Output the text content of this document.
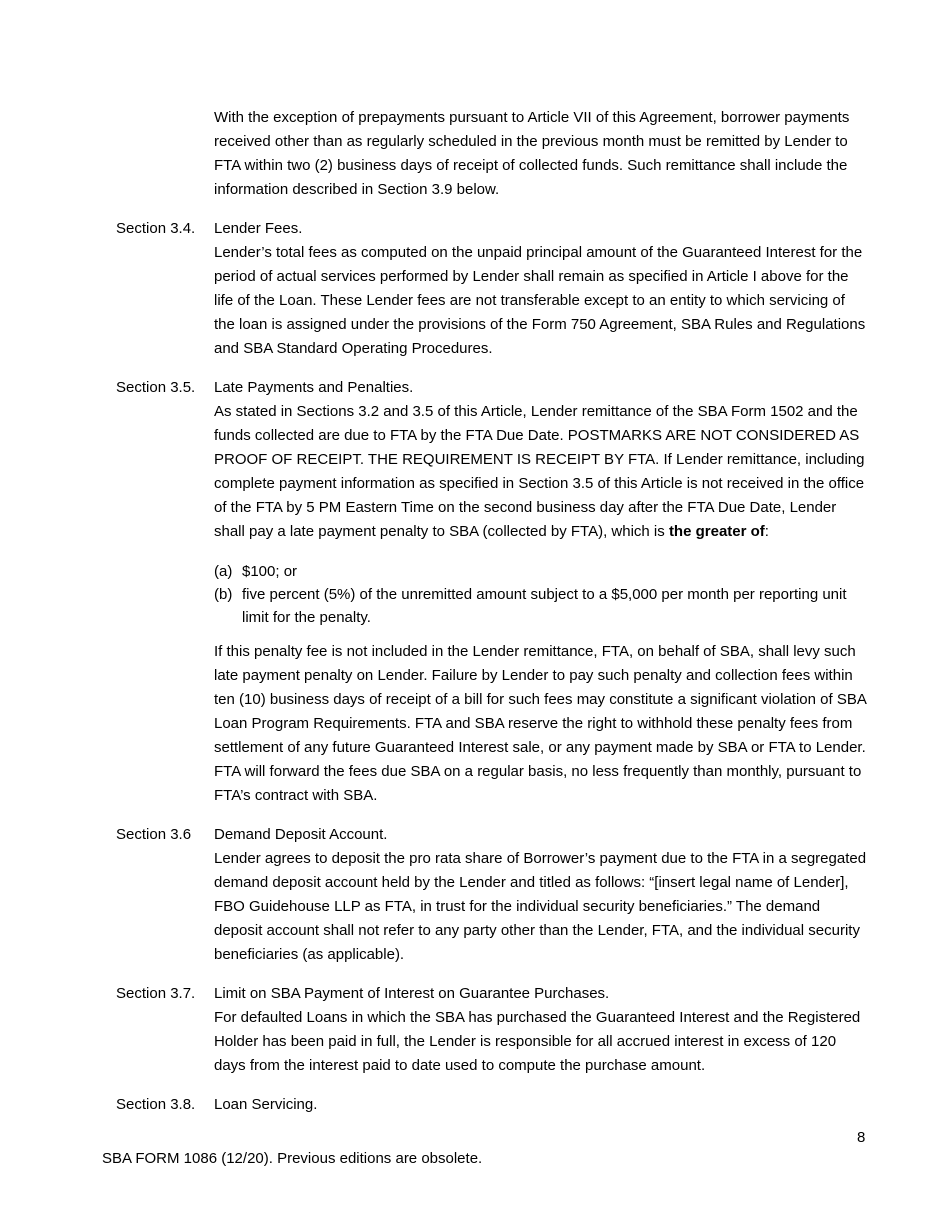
With the exception of prepayments pursuant to Article VII of this Agreement, borrower payments received other than as regularly scheduled in the previous month must be remitted by Lender to FTA within two (2) business days of receipt of collected funds. Such remittance shall include the information described in Section 3.9 below.

Section 3.4. Lender Fees.

Lender’s total fees as computed on the unpaid principal amount of the Guaranteed Interest for the period of actual services performed by Lender shall remain as specified in Article I above for the life of the Loan. These Lender fees are not transferable except to an entity to which servicing of the loan is assigned under the provisions of the Form 750 Agreement, SBA Rules and Regulations and SBA Standard Operating Procedures.

Section 3.5. Late Payments and Penalties.

As stated in Sections 3.2 and 3.5 of this Article, Lender remittance of the SBA Form 1502 and the funds collected are due to FTA by the FTA Due Date. POSTMARKS ARE NOT CONSIDERED AS PROOF OF RECEIPT. THE REQUIREMENT IS RECEIPT BY FTA. If Lender remittance, including complete payment information as specified in Section 3.5 of this Article is not received in the office of the FTA by 5 PM Eastern Time on the second business day after the FTA Due Date, Lender shall pay a late payment penalty to SBA (collected by FTA), which is the greater of:

(a) $100; or
(b) five percent (5%) of the unremitted amount subject to a $5,000 per month per reporting unit limit for the penalty.

If this penalty fee is not included in the Lender remittance, FTA, on behalf of SBA, shall levy such late payment penalty on Lender. Failure by Lender to pay such penalty and collection fees within ten (10) business days of receipt of a bill for such fees may constitute a significant violation of SBA Loan Program Requirements. FTA and SBA reserve the right to withhold these penalty fees from settlement of any future Guaranteed Interest sale, or any payment made by SBA or FTA to Lender. FTA will forward the fees due SBA on a regular basis, no less frequently than monthly, pursuant to FTA’s contract with SBA.

Section 3.6 Demand Deposit Account.

Lender agrees to deposit the pro rata share of Borrower’s payment due to the FTA in a segregated demand deposit account held by the Lender and titled as follows: “[insert legal name of Lender], FBO Guidehouse LLP as FTA, in trust for the individual security beneficiaries.” The demand deposit account shall not refer to any party other than the Lender, FTA, and the individual security beneficiaries (as applicable).

Section 3.7. Limit on SBA Payment of Interest on Guarantee Purchases.

For defaulted Loans in which the SBA has purchased the Guaranteed Interest and the Registered Holder has been paid in full, the Lender is responsible for all accrued interest in excess of 120 days from the interest paid to date used to compute the purchase amount.

Section 3.8. Loan Servicing.
8
SBA FORM 1086 (12/20). Previous editions are obsolete.
